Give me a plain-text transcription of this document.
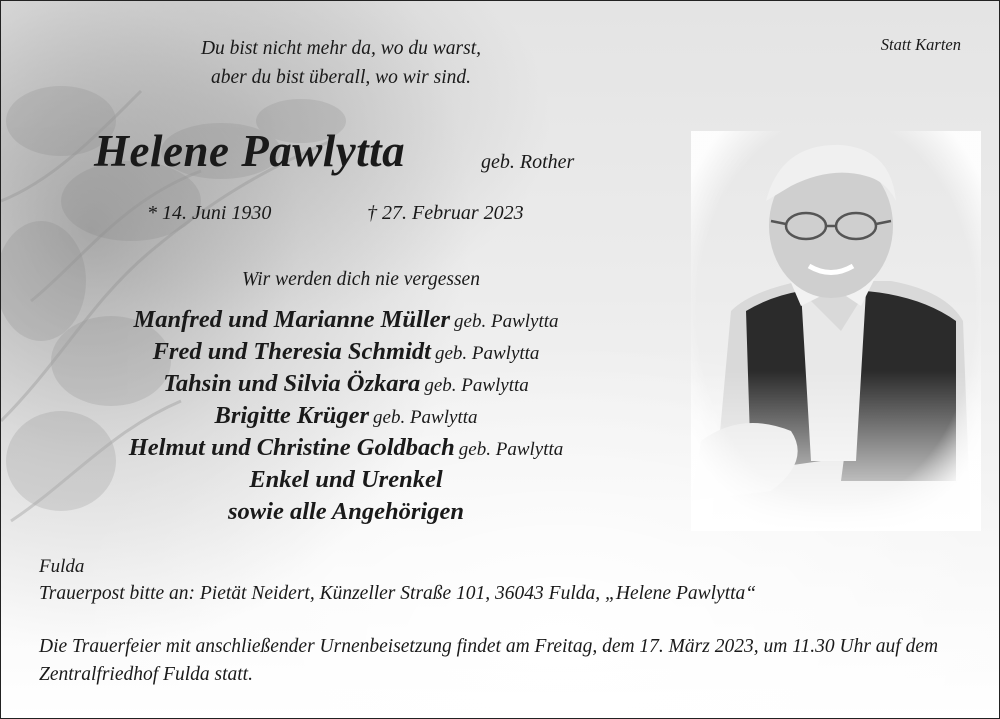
Du bist nicht mehr da, wo du warst,
aber du bist überall, wo wir sind.
Statt Karten
Helene Pawlytta	geb. Rother
* 14. Juni 1930	† 27. Februar 2023
Wir werden dich nie vergessen
Manfred und Marianne Müller geb. Pawlytta
Fred und Theresia Schmidt geb. Pawlytta
Tahsin und Silvia Özkara geb. Pawlytta
Brigitte Krüger geb. Pawlytta
Helmut und Christine Goldbach geb. Pawlytta
Enkel und Urenkel
sowie alle Angehörigen
Fulda
Trauerpost bitte an: Pietät Neidert, Künzeller Straße 101, 36043 Fulda, „Helene Pawlytta“
Die Trauerfeier mit anschließender Urnenbeisetzung findet am Freitag, dem 17. März 2023, um 11.30 Uhr auf dem Zentralfriedhof Fulda statt.
